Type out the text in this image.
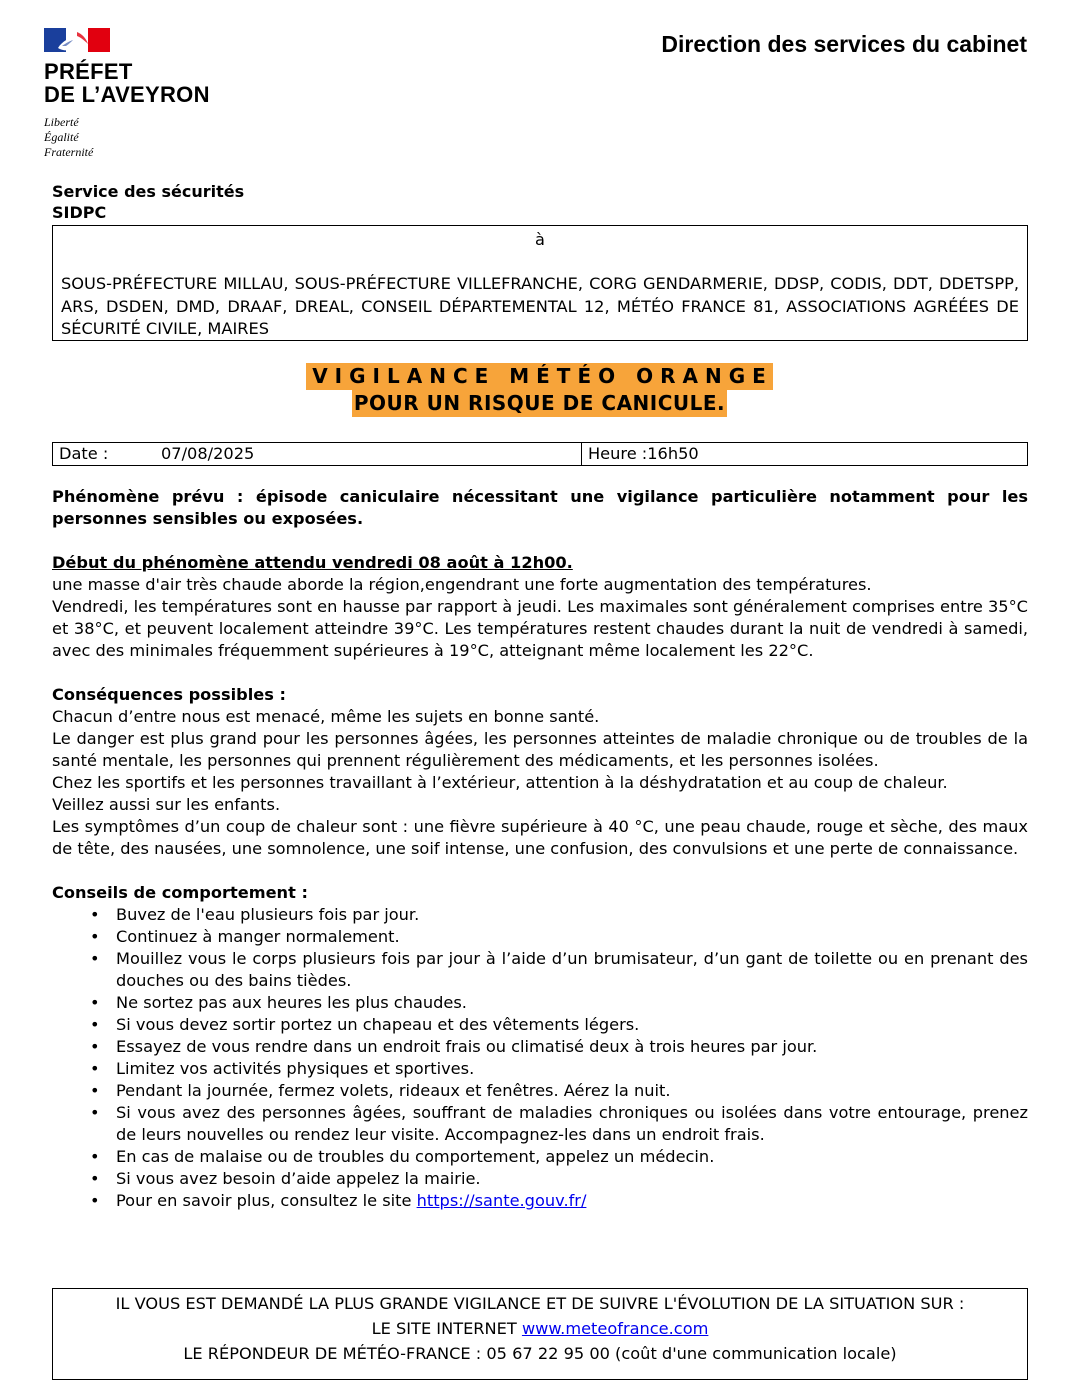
PRÉFET
DE L’AVEYRON
Liberté
Égalité
Fraternité
Direction des services du cabinet
Service des sécurités
SIDPC
à
SOUS-PRÉFECTURE MILLAU, SOUS-PRÉFECTURE VILLEFRANCHE, CORG GENDARMERIE, DDSP, CODIS, DDT, DDETSPP, ARS, DSDEN, DMD, DRAAF, DREAL, CONSEIL DÉPARTEMENTAL 12, MÉTÉO FRANCE 81, ASSOCIATIONS AGRÉÉES DE SÉCURITÉ CIVILE, MAIRES
VIGILANCE MÉTÉO ORANGE
POUR UN RISQUE DE CANICULE.
Date :	07/08/2025	Heure :16h50

Phénomène prévu : épisode caniculaire nécessitant une vigilance particulière notamment pour les personnes sensibles ou exposées.

Début du phénomène attendu vendredi 08 août à 12h00.

une masse d'air très chaude aborde la région,engendrant une forte augmentation des températures.

Vendredi, les températures sont en hausse par rapport à jeudi. Les maximales sont généralement comprises entre 35°C et 38°C, et peuvent localement atteindre 39°C. Les températures restent chaudes durant la nuit de vendredi à samedi, avec des minimales fréquemment supérieures à 19°C, atteignant même localement les 22°C.

Conséquences possibles :

Chacun d’entre nous est menacé, même les sujets en bonne santé.

Le danger est plus grand pour les personnes âgées, les personnes atteintes de maladie chronique ou de troubles de la santé mentale, les personnes qui prennent régulièrement des médicaments, et les personnes isolées.

Chez les sportifs et les personnes travaillant à l’extérieur, attention à la déshydratation et au coup de chaleur.

Veillez aussi sur les enfants.

Les symptômes d’un coup de chaleur sont : une fièvre supérieure à 40 °C, une peau chaude, rouge et sèche, des maux de tête, des nausées, une somnolence, une soif intense, une confusion, des convulsions et une perte de connaissance.

Conseils de comportement :

• Buvez de l'eau plusieurs fois par jour.
• Continuez à manger normalement.
• Mouillez vous le corps plusieurs fois par jour à l’aide d’un brumisateur, d’un gant de toilette ou en prenant des douches ou des bains tièdes.
• Ne sortez pas aux heures les plus chaudes.
• Si vous devez sortir portez un chapeau et des vêtements légers.
• Essayez de vous rendre dans un endroit frais ou climatisé deux à trois heures par jour.
• Limitez vos activités physiques et sportives.
• Pendant la journée, fermez volets, rideaux et fenêtres. Aérez la nuit.
• Si vous avez des personnes âgées, souffrant de maladies chroniques ou isolées dans votre entourage, prenez de leurs nouvelles ou rendez leur visite. Accompagnez-les dans un endroit frais.
• En cas de malaise ou de troubles du comportement, appelez un médecin.
• Si vous avez besoin d’aide appelez la mairie.
• Pour en savoir plus, consultez le site https://sante.gouv.fr/
IL VOUS EST DEMANDÉ LA PLUS GRANDE VIGILANCE ET DE SUIVRE L'ÉVOLUTION DE LA SITUATION SUR :
LE SITE INTERNET www.meteofrance.com
LE RÉPONDEUR DE MÉTÉO-FRANCE : 05 67 22 95 00 (coût d'une communication locale)
